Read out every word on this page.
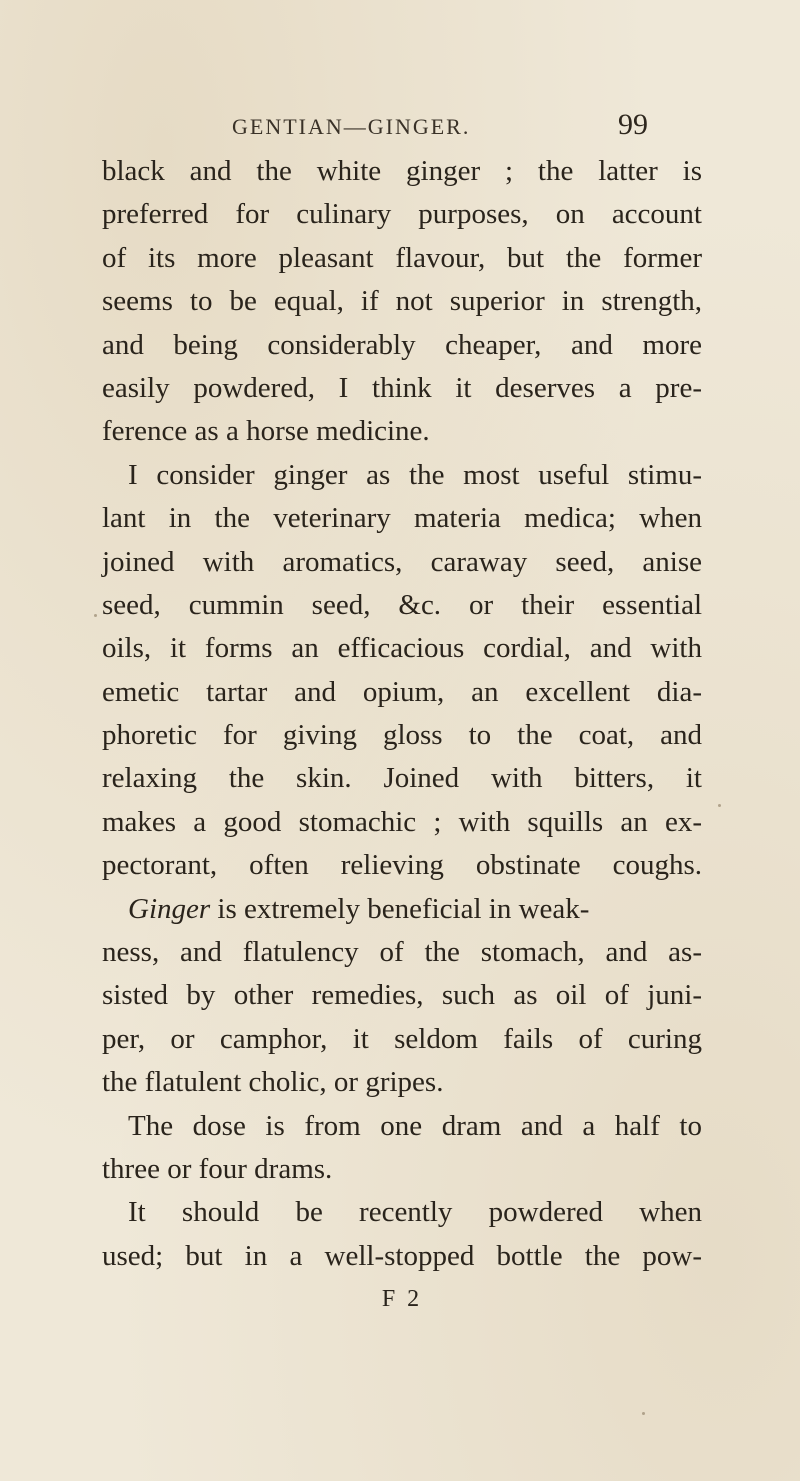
GENTIAN—GINGER.	99
black and the white ginger ; the latter is
preferred for culinary purposes, on account
of its more pleasant flavour, but the former
seems to be equal, if not superior in strength,
and being considerably cheaper, and more
easily powdered, I think it deserves a pre-
ference as a horse medicine.
I consider ginger as the most useful stimu-
lant in the veterinary materia medica; when
joined with aromatics, caraway seed, anise
seed, cummin seed, &c. or their essential
oils, it forms an efficacious cordial, and with
emetic tartar and opium, an excellent dia-
phoretic for giving gloss to the coat, and
relaxing the skin. Joined with bitters, it
makes a good stomachic ; with squills an ex-
pectorant, often relieving obstinate coughs.
Ginger is extremely beneficial in weak-
ness, and flatulency of the stomach, and as-
sisted by other remedies, such as oil of juni-
per, or camphor, it seldom fails of curing
the flatulent cholic, or gripes.
The dose is from one dram and a half to
three or four drams.
It should be recently powdered when
used; but in a well-stopped bottle the pow-
F 2
